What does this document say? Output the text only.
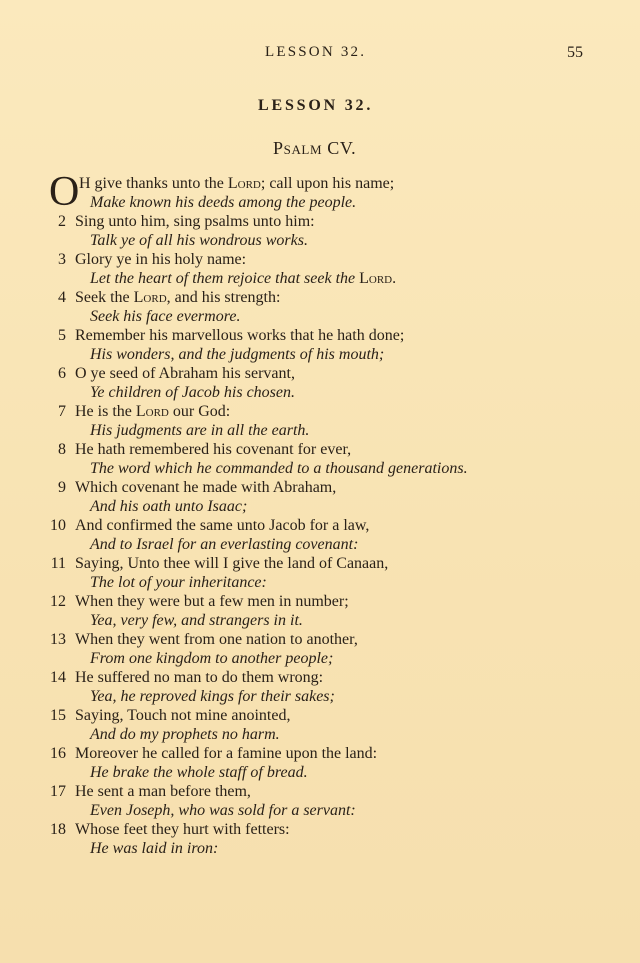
LESSON 32.	55
LESSON 32.
Psalm CV.
O H give thanks unto the Lord; call upon his name;
Make known his deeds among the people.
2 Sing unto him, sing psalms unto him:
Talk ye of all his wondrous works.
3 Glory ye in his holy name:
Let the heart of them rejoice that seek the Lord.
4 Seek the Lord, and his strength:
Seek his face evermore.
5 Remember his marvellous works that he hath done;
His wonders, and the judgments of his mouth;
6 O ye seed of Abraham his servant,
Ye children of Jacob his chosen.
7 He is the Lord our God:
His judgments are in all the earth.
8 He hath remembered his covenant for ever,
The word which he commanded to a thousand generations.
9 Which covenant he made with Abraham,
And his oath unto Isaac;
10 And confirmed the same unto Jacob for a law,
And to Israel for an everlasting covenant:
11 Saying, Unto thee will I give the land of Canaan,
The lot of your inheritance:
12 When they were but a few men in number;
Yea, very few, and strangers in it.
13 When they went from one nation to another,
From one kingdom to another people;
14 He suffered no man to do them wrong:
Yea, he reproved kings for their sakes;
15 Saying, Touch not mine anointed,
And do my prophets no harm.
16 Moreover he called for a famine upon the land:
He brake the whole staff of bread.
17 He sent a man before them,
Even Joseph, who was sold for a servant:
18 Whose feet they hurt with fetters:
He was laid in iron:
